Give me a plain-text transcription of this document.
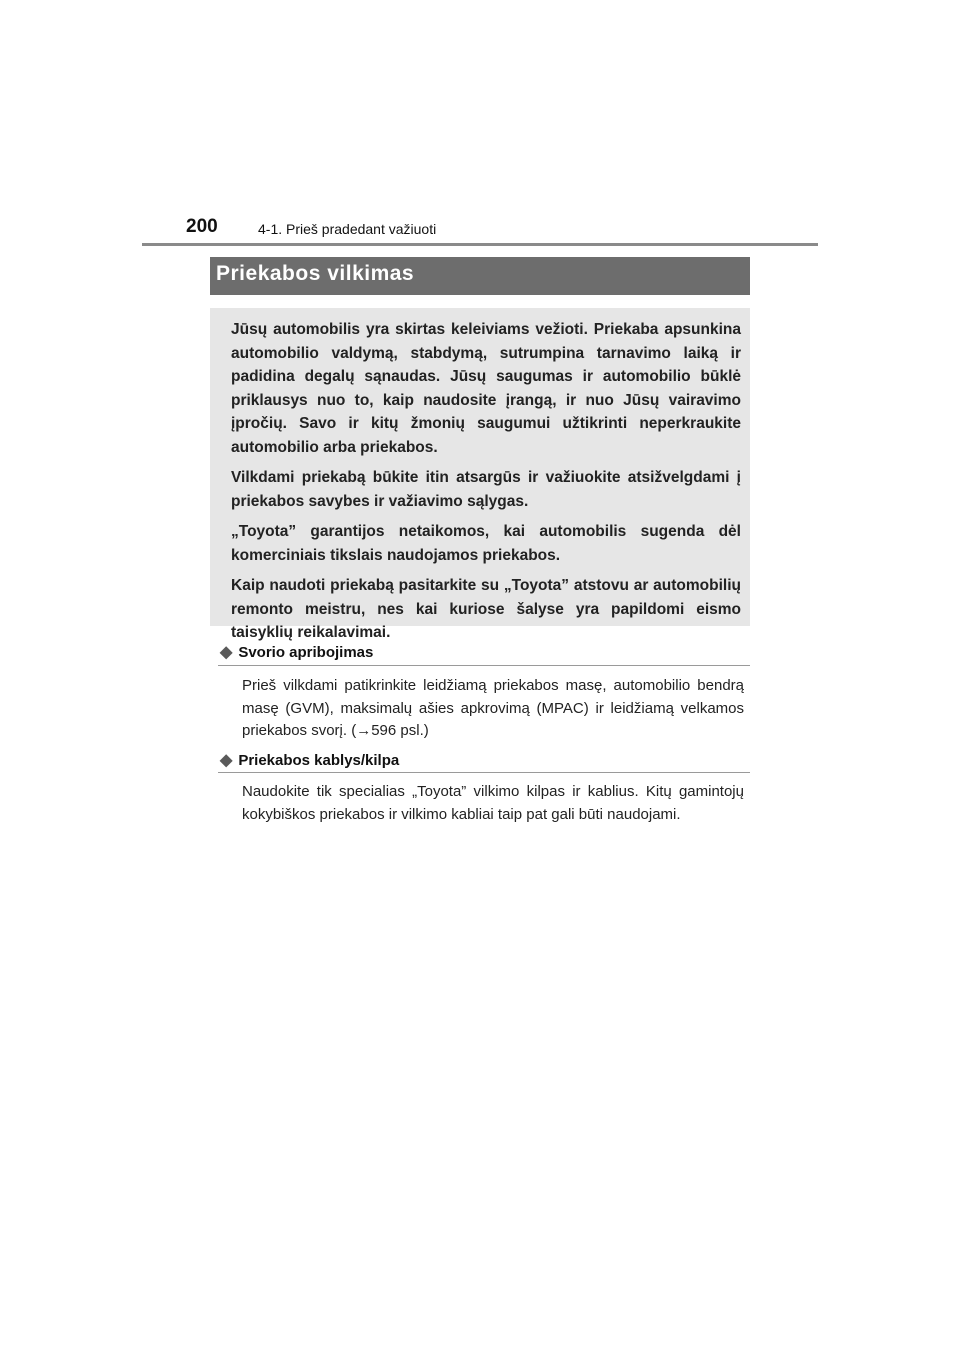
200	4-1. Prieš pradedant važiuoti
Priekabos vilkimas

Jūsų automobilis yra skirtas keleiviams vežioti. Priekaba apsunkina automobilio valdymą, stabdymą, sutrumpina tarnavimo laiką ir padidina degalų sąnaudas. Jūsų saugumas ir automobilio būklė priklausys nuo to, kaip naudosite įrangą, ir nuo Jūsų vairavimo įpročių. Savo ir kitų žmonių saugumui užtikrinti neperkraukite automobilio arba priekabos.

Vilkdami priekabą būkite itin atsargūs ir važiuokite atsižvelgdami į priekabos savybes ir važiavimo sąlygas.

„Toyota” garantijos netaikomos, kai automobilis sugenda dėl komerciniais tikslais naudojamos priekabos.

Kaip naudoti priekabą pasitarkite su „Toyota” atstovu ar automobilių remonto meistru, nes kai kuriose šalyse yra papildomi eismo taisyklių reikalavimai.

◆ Svorio apribojimas
Prieš vilkdami patikrinkite leidžiamą priekabos masę, automobilio bendrą masę (GVM), maksimalų ašies apkrovimą (MPAC) ir leidžiamą velkamos priekabos svorį. (→596 psl.)
◆ Priekabos kablys/kilpa
Naudokite tik specialias „Toyota” vilkimo kilpas ir kablius. Kitų gamintojų kokybiškos priekabos ir vilkimo kabliai taip pat gali būti naudojami.
